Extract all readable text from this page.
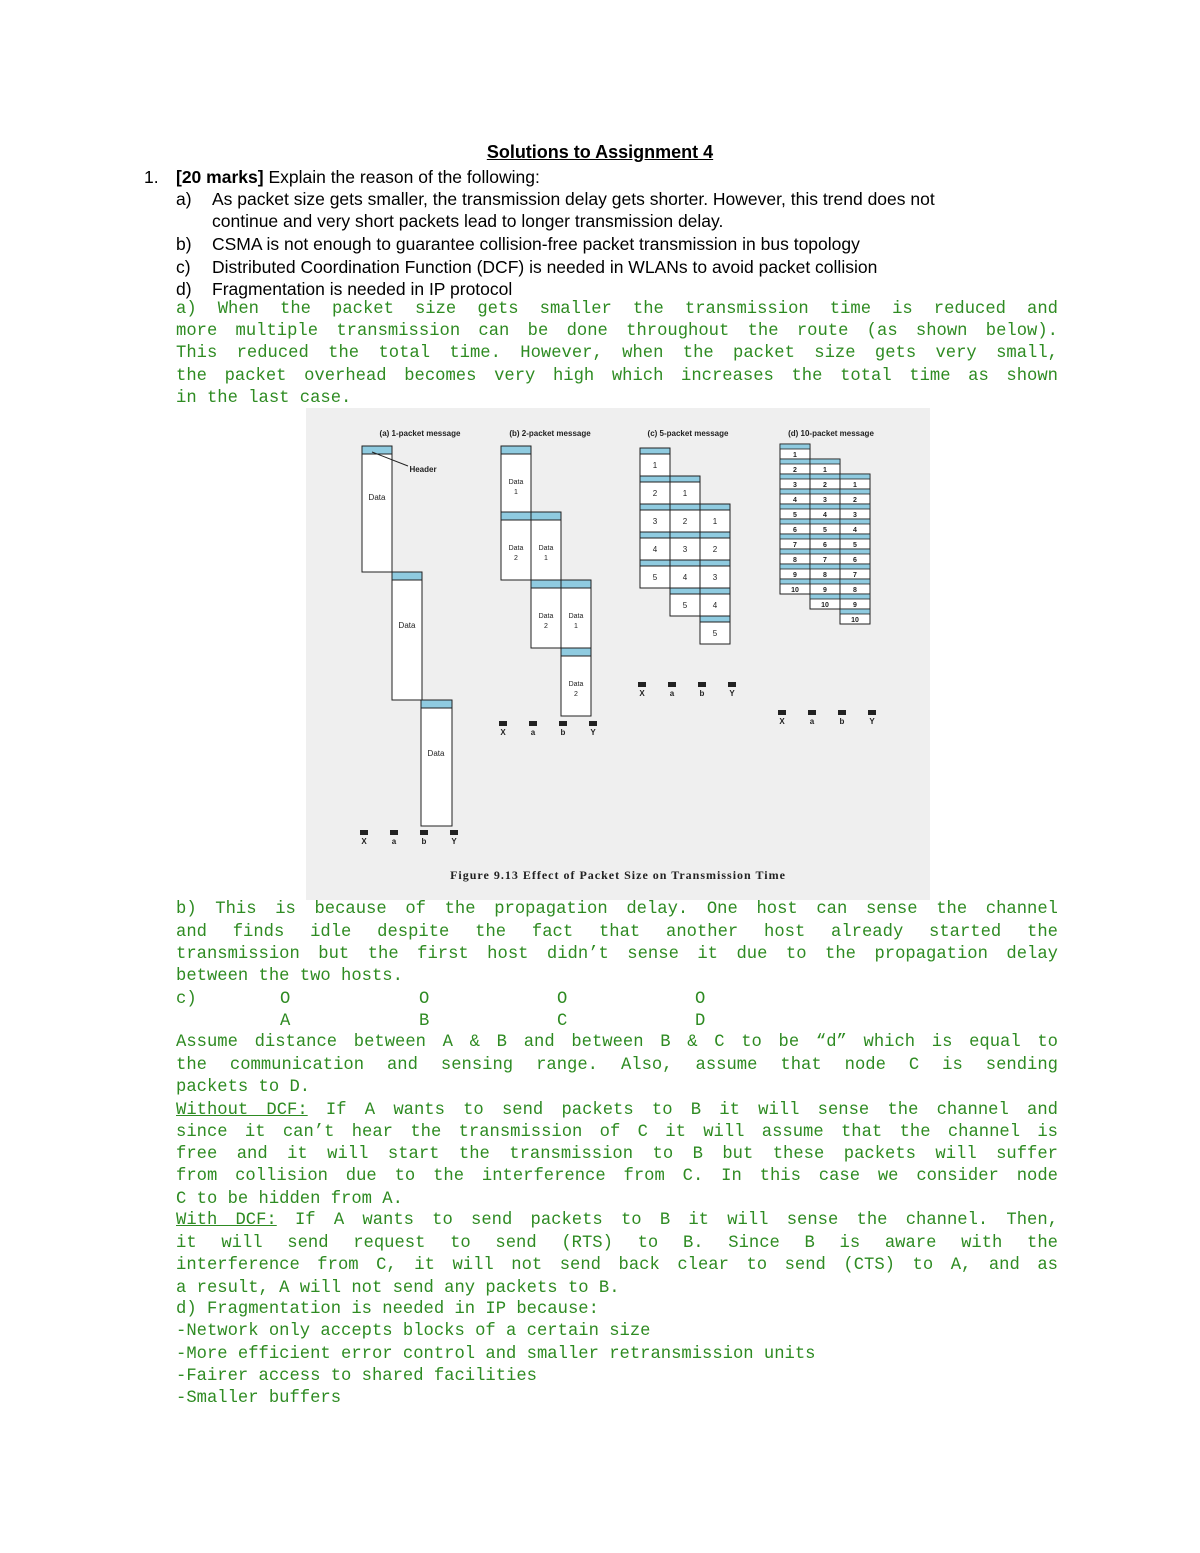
Solutions to Assignment 4
1. [20 marks] Explain the reason of the following:
a) As packet size gets smaller, the transmission delay gets shorter. However, this trend does not
continue and very short packets lead to longer transmission delay.
b) CSMA is not enough to guarantee collision-free packet transmission in bus topology
c) Distributed Coordination Function (DCF) is needed in WLANs to avoid packet collision
d) Fragmentation is needed in IP protocol
a) When the packet size gets smaller the transmission time is reduced and
more multiple transmission can be done throughout the route (as shown below).
This reduced the total time. However, when the packet size gets very small,
the packet overhead becomes very high which increases the total time as shown
in the last case.
(a) 1-packet message	(b) 2-packet message	(c) 5-packet message	(d) 10-packet message
Data
Data
Data
Header
X	a	b	Y
Data
1
Data
2
Data
1
Data
2
Data
1
Data
2
X	a	b	Y
1
2
3
4
5
1
2
3
4
5
1
2
3
4
5
X	a	b	Y
1
2
3
4
5
6
7
8
9
10
1
2
3
4
5
6
7
8
9
10
1
2
3
4
5
6
7
8
9
10
X	a	b	Y
Figure 9.13 Effect of Packet Size on Transmission Time
b) This is because of the propagation delay. One host can sense the channel
and finds idle despite the fact that another host already started the
transmission but the first host didn’t sense it due to the propagation delay
between the two hosts.
c)	O	O	O	O
A	B	C	D
Assume distance between A & B and between B & C to be “d” which is equal to
the communication and sensing range. Also, assume that node C is sending
packets to D.
Without DCF: If A wants to send packets to B it will sense the channel and
since it can’t hear the transmission of C it will assume that the channel is
free and it will start the transmission to B but these packets will suffer
from collision due to the interference from C. In this case we consider node
C to be hidden from A.
With DCF: If A wants to send packets to B it will sense the channel. Then,
it will send request to send (RTS) to B. Since B is aware with the
interference from C, it will not send back clear to send (CTS) to A, and as
a result, A will not send any packets to B.
d) Fragmentation is needed in IP because:
-Network only accepts blocks of a certain size
-More efficient error control and smaller retransmission units
-Fairer access to shared facilities
-Smaller buffers
